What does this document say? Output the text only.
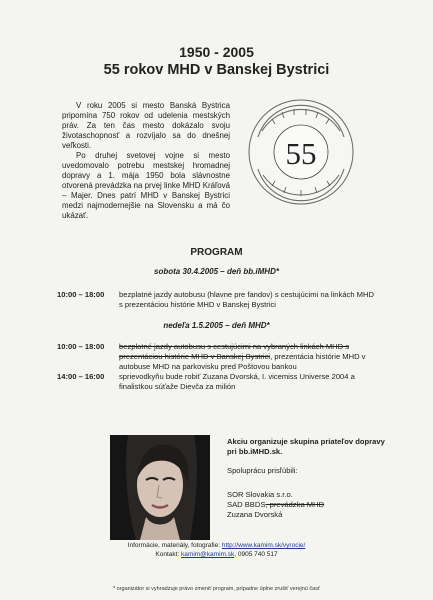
1950 - 2005
55 rokov MHD v Banskej Bystrici

V roku 2005 si mesto Banská Bystrica pripomína 750 rokov od udelenia mestských práv. Za ten čas mesto dokázalo svoju životaschopnosť a rozvíjalo sa do dnešnej veľkosti.

Po druhej svetovej vojne si mesto uvedomovalo potrebu mestskej hromadnej dopravy a 1. mája 1950 bola slávnostne otvorená prevádzka na prvej linke MHD Kráľová – Majer. Dnes patrí MHD v Banskej Bystrici medzi najmodernejšie na Slovensku a má čo ukázať.

55
PROGRAM
sobota 30.4.2005 – deň bb.iMHD*
10:00 – 18:00	bezplatné jazdy autobusu (hlavne pre fandov) s cestujúcimi na linkách MHD s prezentáciou histórie MHD v Banskej Bystrici
nedeľa 1.5.2005 – deň MHD*
10:00 – 18:00	bezplatné jazdy autobusu s cestujúcimi na vybraných linkách MHD s prezentáciou histórie MHD v Banskej Bystrici, prezentácia histórie MHD v autobuse MHD na parkovisku pred Poštovou bankou
14:00 – 16:00	sprievodkyňu bude robiť Zuzana Dvorská, I. vicemiss Universe 2004 a finalistkou súťaže Dievča za milión
Akciu organizuje skupina priateľov dopravy
pri bb.iMHD.sk.
Spoluprácu prisľúbili:
SOR Slovakia s.r.o.
SAD BBDS, prevádzka MHD
Zuzana Dvorská
Informácie, materiály, fotografie: http://www.kamim.sk/vyrocie/
Kontakt: kamim@kamim.sk, 0905 740 517
* organizátor si vyhradzuje právo zmeniť program, prípadne úplne zrušiť verejnú časť
